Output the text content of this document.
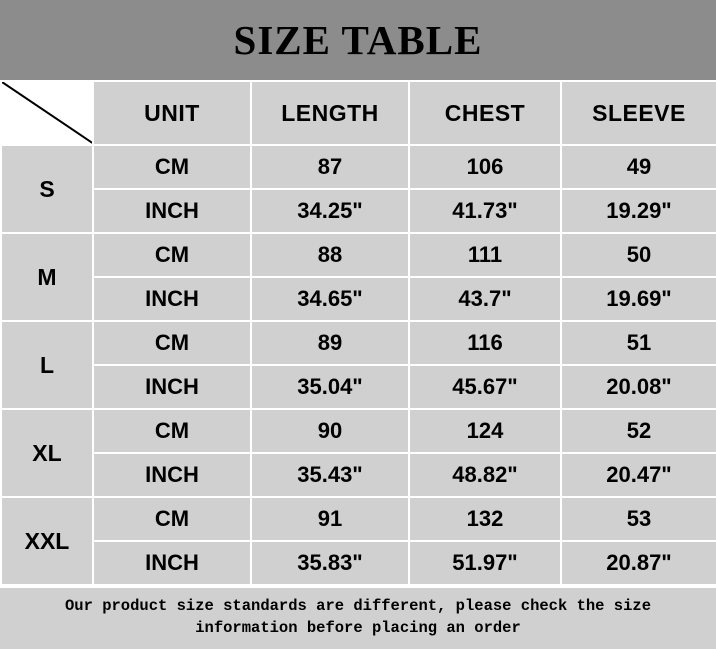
SIZE TABLE
	UNIT	LENGTH	CHEST	SLEEVE
S	CM	87	106	49
	INCH	34.25"	41.73"	19.29"
M	CM	88	111	50
	INCH	34.65"	43.7"	19.69"
L	CM	89	116	51
	INCH	35.04"	45.67"	20.08"
XL	CM	90	124	52
	INCH	35.43"	48.82"	20.47"
XXL	CM	91	132	53
	INCH	35.83"	51.97"	20.87"
Our product size standards are different, please check the size information before placing an order
